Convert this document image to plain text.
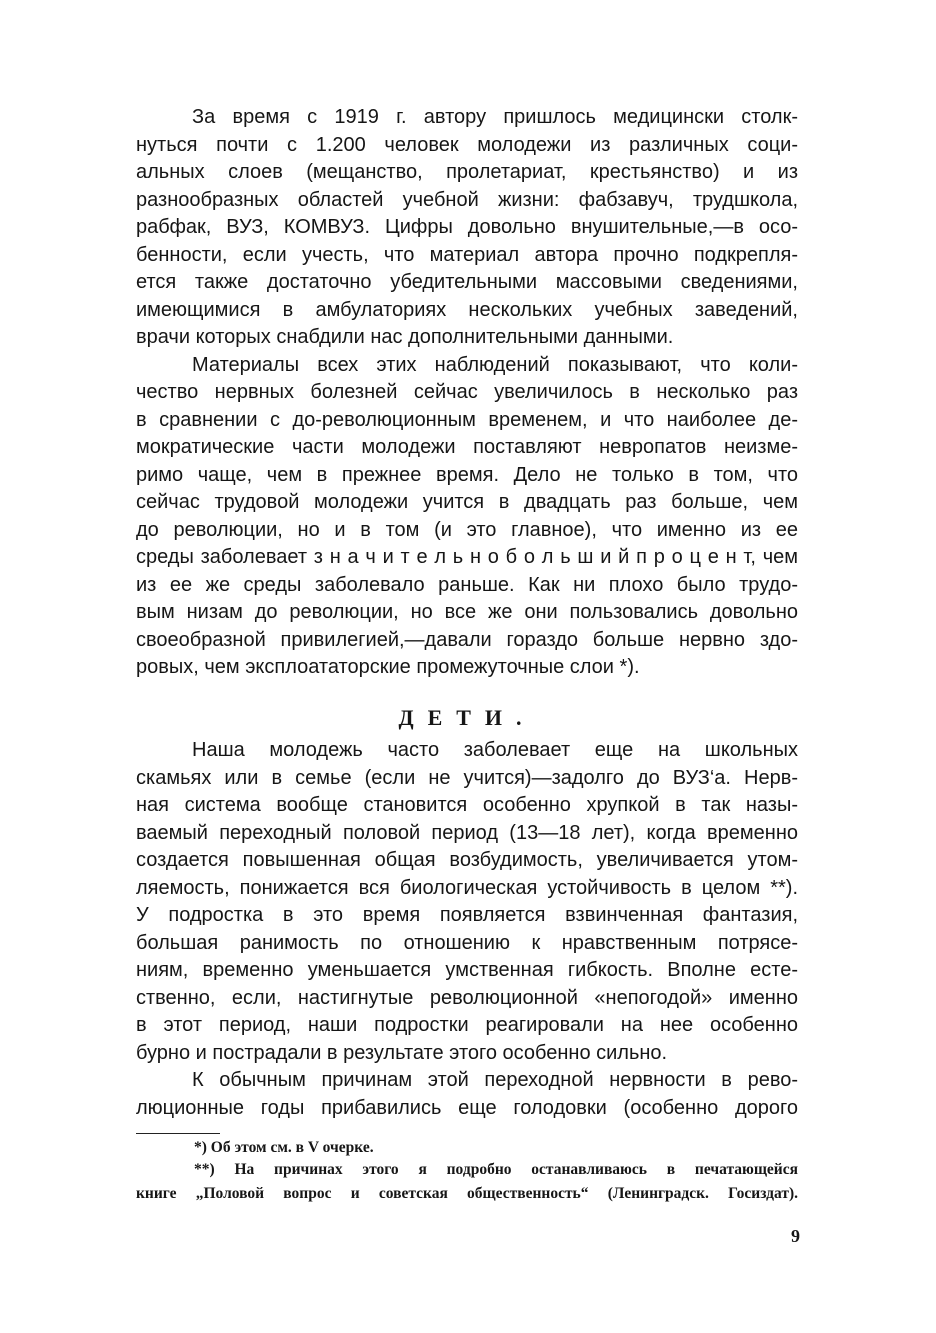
За время с 1919 г. автору пришлось медицински столк-
нуться почти с 1.200 человек молодежи из различных соци-
альных слоев (мещанство, пролетариат, крестьянство) и из
разнообразных областей учебной жизни: фабзавуч, трудшкола,
рабфак, ВУЗ, КОМВУЗ. Цифры довольно внушительные,—в осо-
бенности, если учесть, что материал автора прочно подкрепля-
ется также достаточно убедительными массовыми сведениями,
имеющимися в амбулаториях нескольких учебных заведений,
врачи которых снабдили нас дополнительными данными.
Материалы всех этих наблюдений показывают, что коли-
чество нервных болезней сейчас увеличилось в несколько раз
в сравнении с до-революционным временем, и что наиболее де-
мократические части молодежи поставляют невропатов неизме-
римо чаще, чем в прежнее время. Дело не только в том, что
сейчас трудовой молодежи учится в двадцать раз больше, чем
до революции, но и в том (и это главное), что именно из ее
среды заболевает з н а ч и т е л ь н о б о л ь ш и й п р о ц е н т, чем
из ее же среды заболевало раньше. Как ни плохо было трудо-
вым низам до революции, но все же они пользовались довольно
своеобразной привилегией,—давали гораздо больше нервно здо-
ровых, чем эксплоататорские промежуточные слои *).
ДЕТИ.
Наша молодежь часто заболевает еще на школьных
скамьях или в семье (если не учится)—задолго до ВУЗ‘а. Нерв-
ная система вообще становится особенно хрупкой в так назы-
ваемый переходный половой период (13—18 лет), когда временно
создается повышенная общая возбудимость, увеличивается утом-
ляемость, понижается вся биологическая устойчивость в целом **).
У подростка в это время появляется взвинченная фантазия,
большая ранимость по отношению к нравственным потрясе-
ниям, временно уменьшается умственная гибкость. Вполне есте-
ственно, если, настигнутые революционной «непогодой» именно
в этот период, наши подростки реагировали на нее особенно
бурно и пострадали в результате этого особенно сильно.
К обычным причинам этой переходной нервности в рево-
люционные годы прибавились еще голодовки (особенно дорого
*) Об этом см. в V очерке.
**) На причинах этого я подробно останавливаюсь в печатающейся
книге „Половой вопрос и советская общественность“ (Ленинградск. Госиздат).
9
